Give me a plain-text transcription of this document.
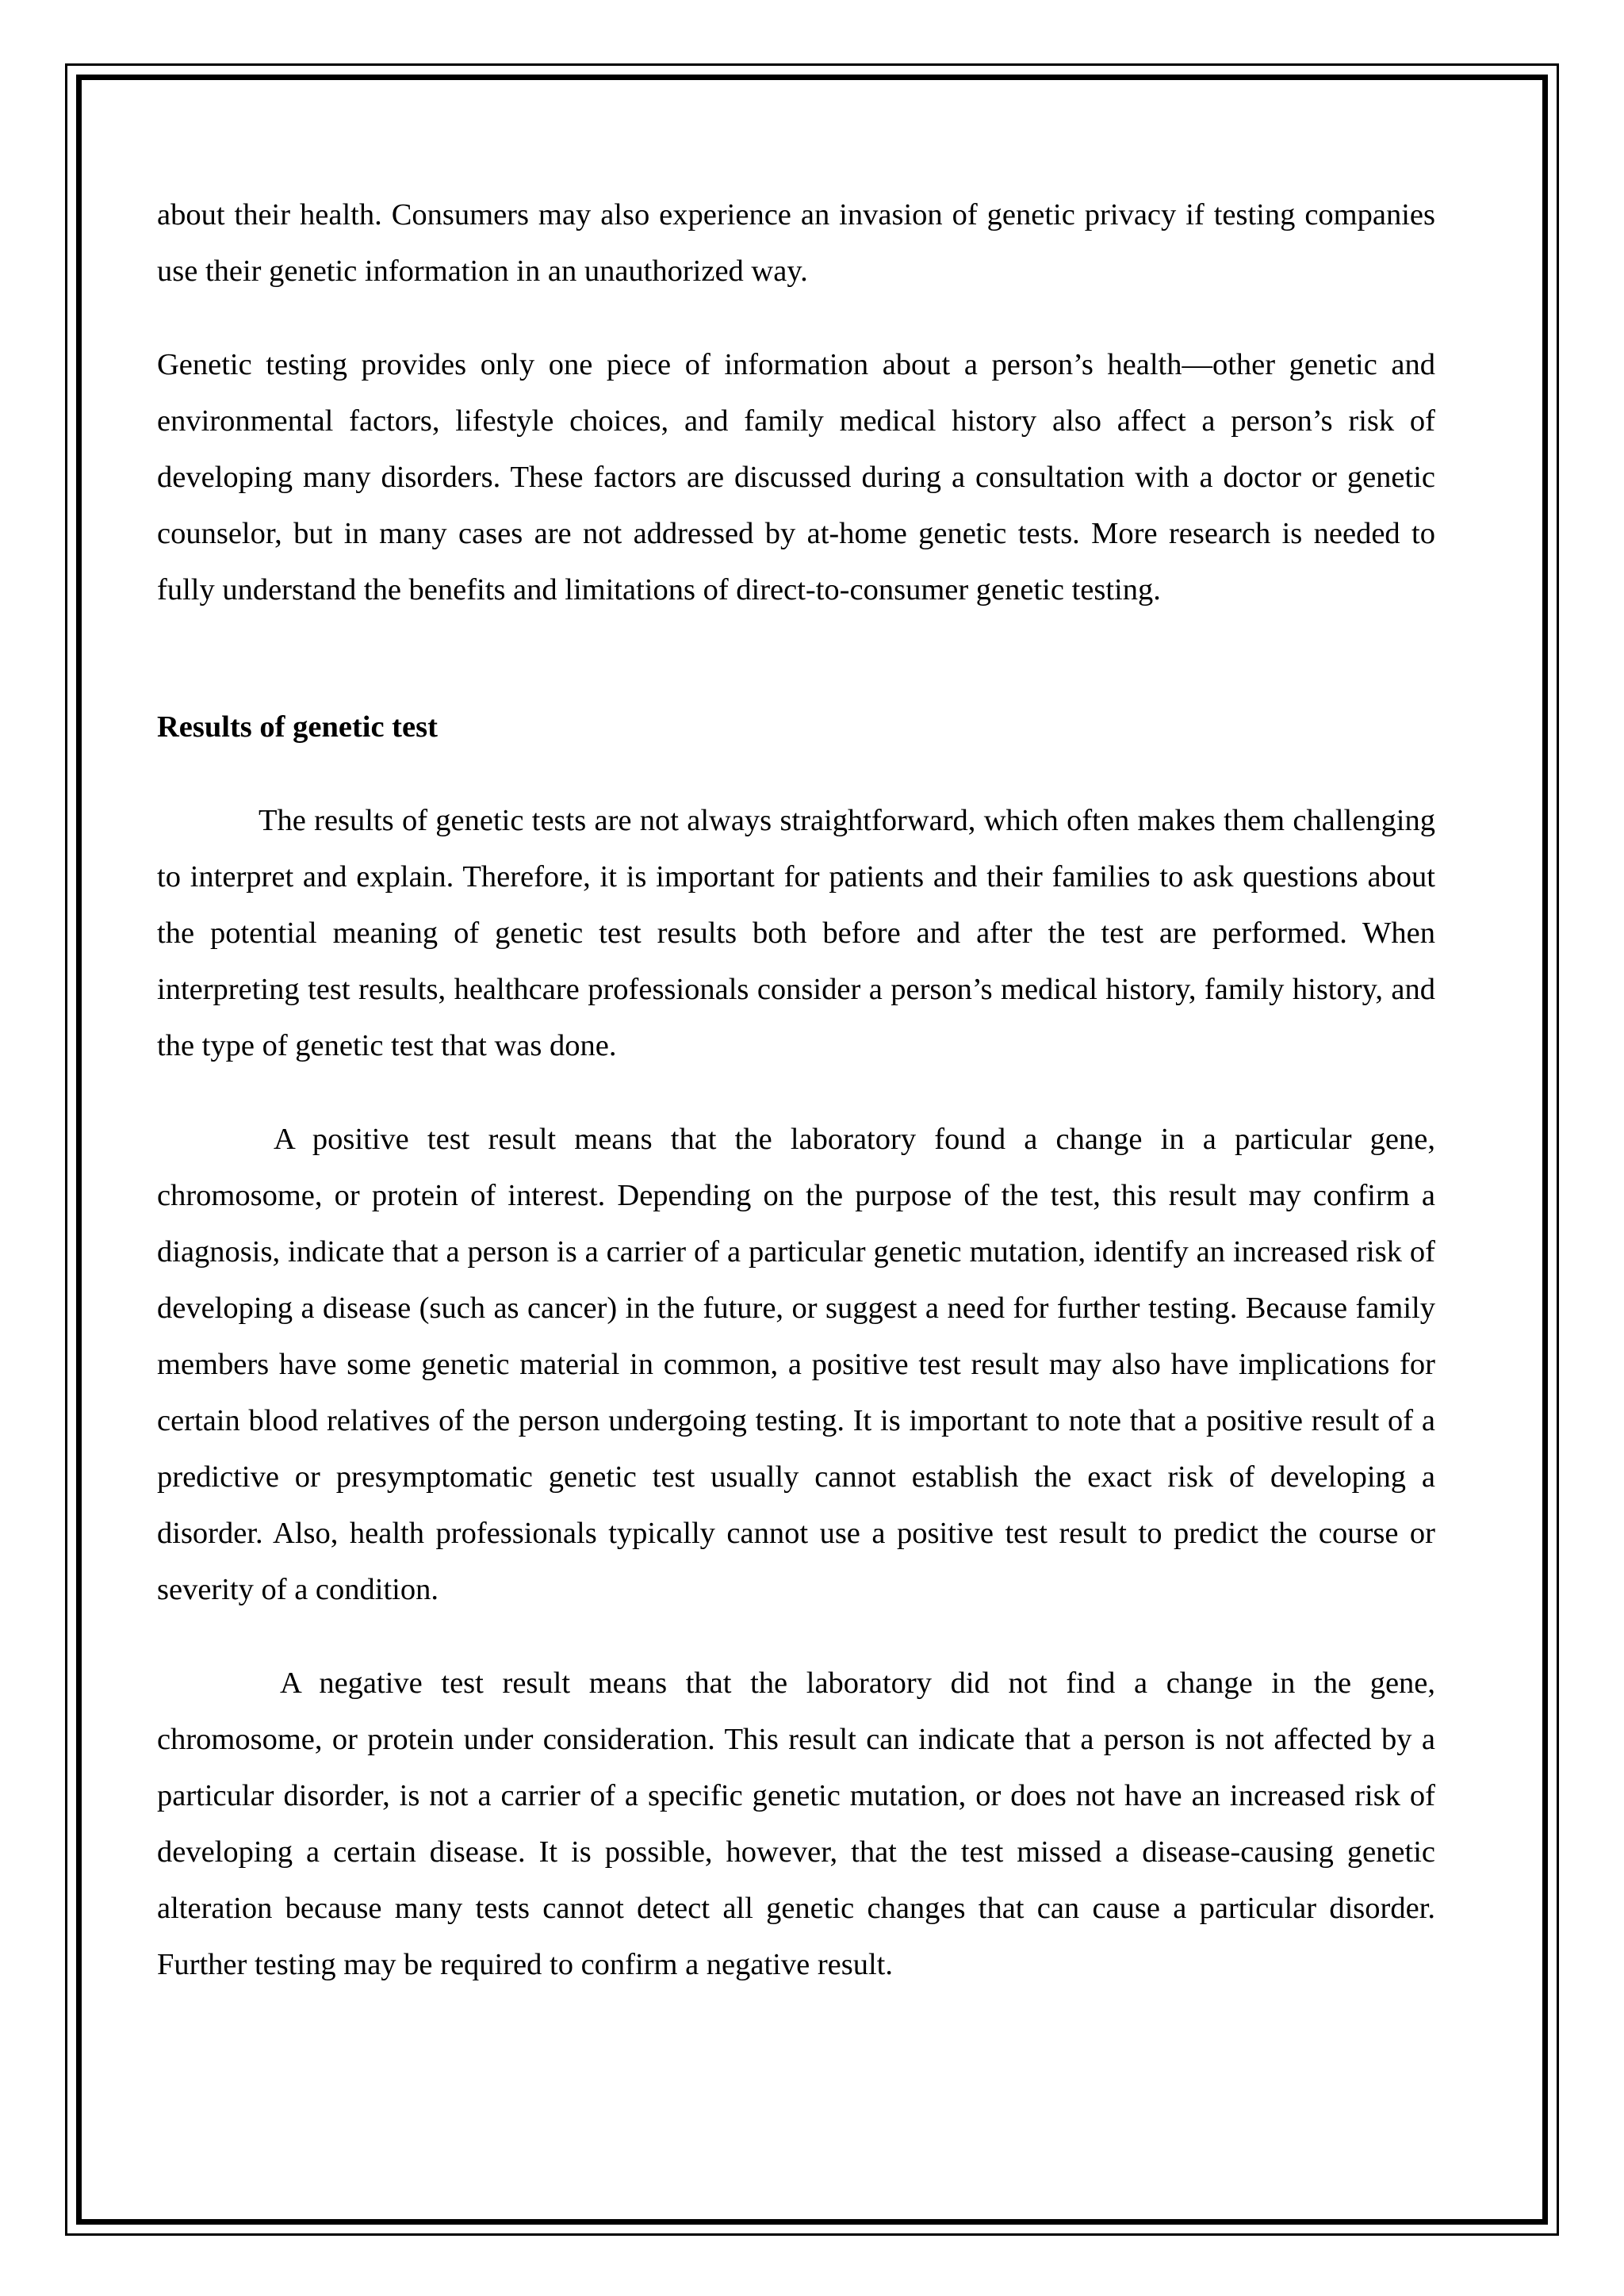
about their health. Consumers may also experience an invasion of genetic privacy if testing companies use their genetic information in an unauthorized way.

Genetic testing provides only one piece of information about a person’s health—other genetic and environmental factors, lifestyle choices, and family medical history also affect a person’s risk of developing many disorders. These factors are discussed during a consultation with a doctor or genetic counselor, but in many cases are not addressed by at-home genetic tests. More research is needed to fully understand the benefits and limitations of direct-to-consumer genetic testing.

Results of genetic test

The results of genetic tests are not always straightforward, which often makes them challenging to interpret and explain. Therefore, it is important for patients and their families to ask questions about the potential meaning of genetic test results both before and after the test are performed. When interpreting test results, healthcare professionals consider a person’s medical history, family history, and the type of genetic test that was done.

A positive test result means that the laboratory found a change in a particular gene, chromosome, or protein of interest. Depending on the purpose of the test, this result may confirm a diagnosis, indicate that a person is a carrier of a particular genetic mutation, identify an increased risk of developing a disease (such as cancer) in the future, or suggest a need for further testing. Because family members have some genetic material in common, a positive test result may also have implications for certain blood relatives of the person undergoing testing. It is important to note that a positive result of a predictive or presymptomatic genetic test usually cannot establish the exact risk of developing a disorder. Also, health professionals typically cannot use a positive test result to predict the course or severity of a condition.

A negative test result means that the laboratory did not find a change in the gene, chromosome, or protein under consideration. This result can indicate that a person is not affected by a particular disorder, is not a carrier of a specific genetic mutation, or does not have an increased risk of developing a certain disease. It is possible, however, that the test missed a disease-causing genetic alteration because many tests cannot detect all genetic changes that can cause a particular disorder. Further testing may be required to confirm a negative result.
